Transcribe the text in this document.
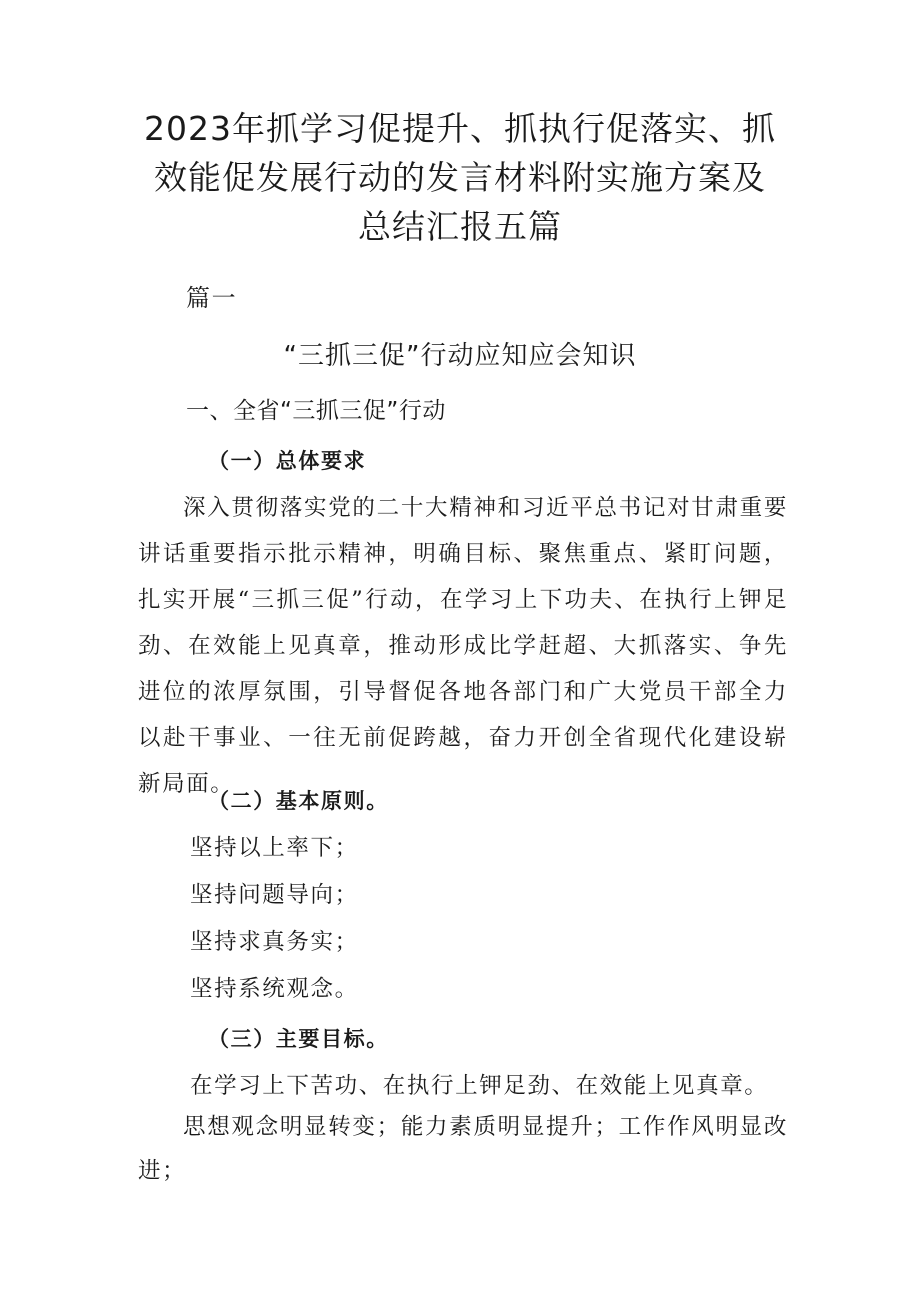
2023年抓学习促提升、抓执行促落实、抓
效能促发展行动的发言材料附实施方案及
总结汇报五篇

篇一

“三抓三促”行动应知应会知识

一、全省“三抓三促”行动

（一）总体要求

深入贯彻落实党的二十大精神和习近平总书记对甘肃重要讲话重要指示批示精神，明确目标、聚焦重点、紧盯问题，扎实开展“三抓三促”行动，在学习上下功夫、在执行上钾足劲、在效能上见真章，推动形成比学赶超、大抓落实、争先进位的浓厚氛围，引导督促各地各部门和广大党员干部全力以赴干事业、一往无前促跨越，奋力开创全省现代化建设崭新局面。

（二）基本原则。

坚持以上率下；

坚持问题导向；

坚持求真务实；

坚持系统观念。

（三）主要目标。

在学习上下苦功、在执行上钾足劲、在效能上见真章。

思想观念明显转变；能力素质明显提升；工作作风明显改进；
